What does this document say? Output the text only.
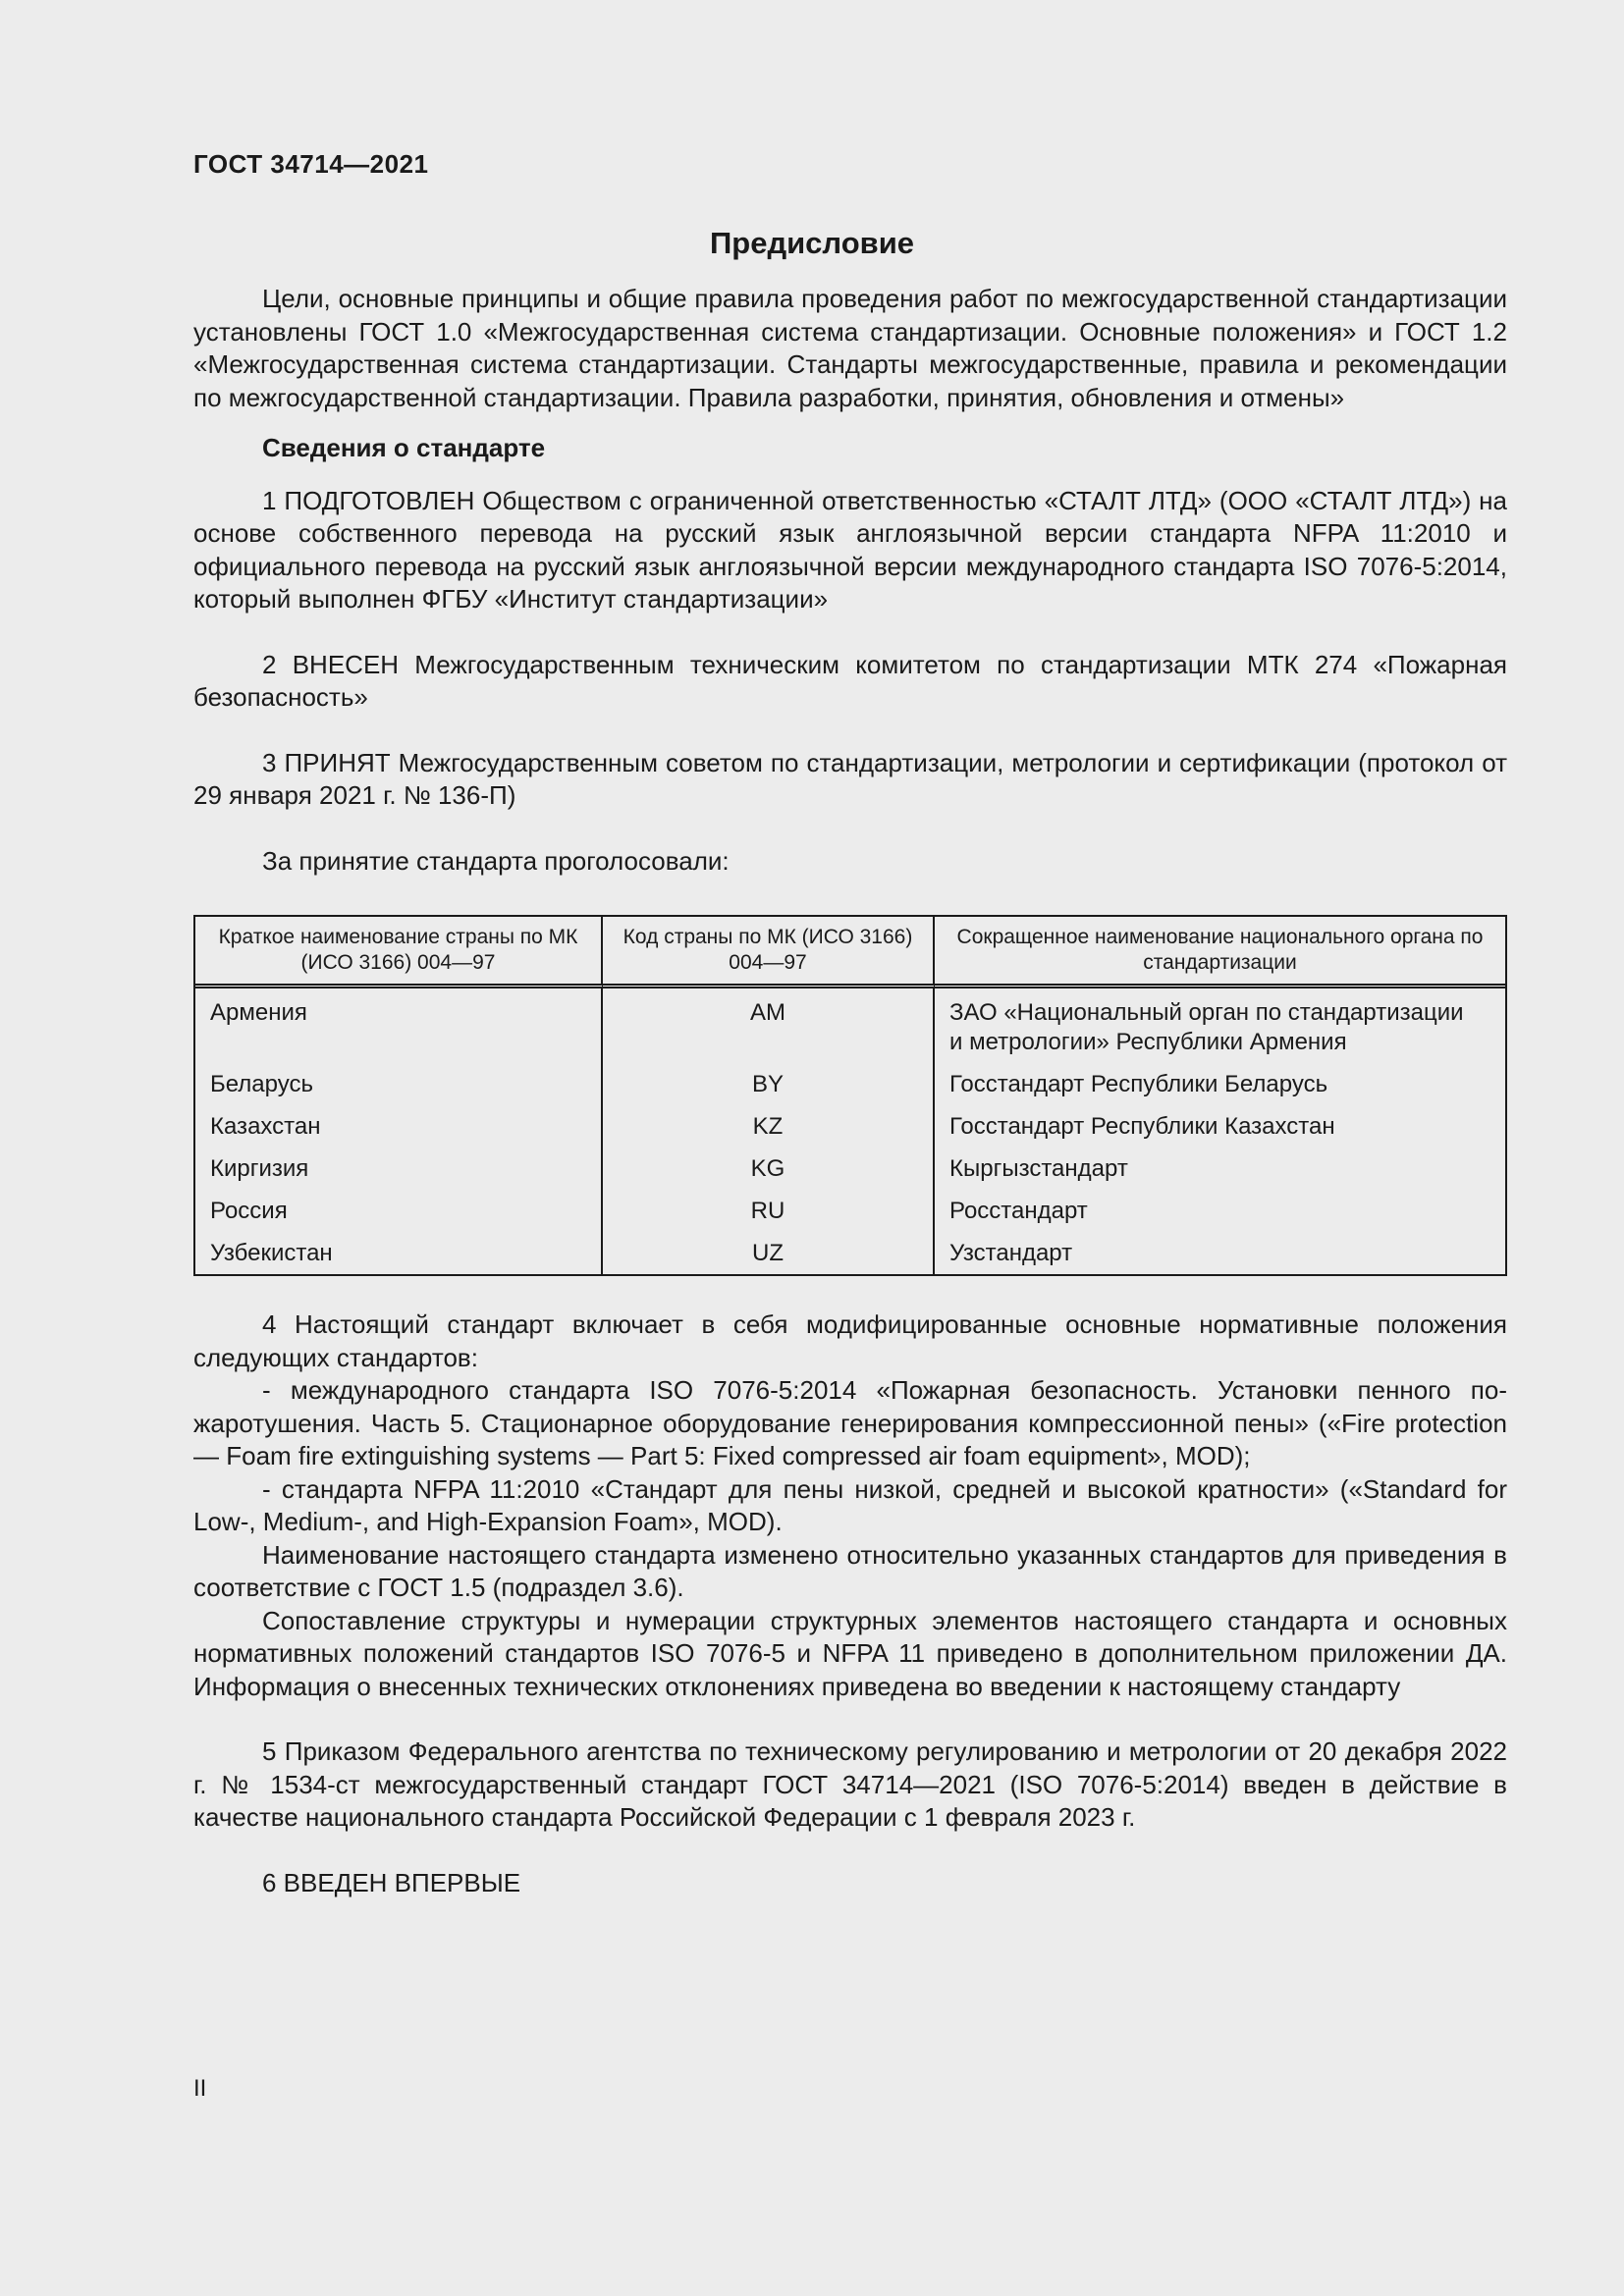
ГОСТ 34714—2021
Предисловие

Цели, основные принципы и общие правила проведения работ по межгосударственной стандартизации установлены ГОСТ 1.0 «Межгосударственная система стандартизации. Основные положения» и ГОСТ 1.2 «Межгосударственная система стандартизации. Стандарты межгосударственные, правила и рекомендации по межгосударственной стандартизации. Правила разработки, принятия, обновления и отмены»

Сведения о стандарте

1 ПОДГОТОВЛЕН Обществом с ограниченной ответственностью «СТАЛТ ЛТД» (ООО «СТАЛТ ЛТД») на основе собственного перевода на русский язык англоязычной версии стандарта NFPA 11:2010 и официального перевода на русский язык англоязычной версии международного стандарта ISO 7076-5:2014, который выполнен ФГБУ «Институт стандартизации»

2 ВНЕСЕН Межгосударственным техническим комитетом по стандартизации МТК 274 «Пожарная безопасность»

3 ПРИНЯТ Межгосударственным советом по стандартизации, метрологии и сертификации (протокол от 29 января 2021 г. № 136-П)

За принятие стандарта проголосовали:

Краткое наименование страны по МК (ИСО 3166) 004—97	Код страны по МК (ИСО 3166) 004—97	Сокращенное наименование национального органа по стандартизации
Армения	AM	ЗАО «Национальный орган по стандартизации
и метрологии» Республики Армения

Беларусь	BY	Госстандарт Республики Беларусь
Казахстан	KZ	Госстандарт Республики Казахстан
Киргизия	KG	Кыргызстандарт
Россия	RU	Росстандарт
Узбекистан	UZ	Узстандарт

4 Настоящий стандарт включает в себя модифицированные основные нормативные положения следующих стандартов:

- международного стандарта ISO 7076-5:2014 «Пожарная безопасность. Установки пенного пожаротушения. Часть 5. Стационарное оборудование генерирования компрессионной пены» («Fire protection — Foam fire extinguishing systems — Part 5: Fixed compressed air foam equipment», MOD);

- стандарта NFPA 11:2010 «Стандарт для пены низкой, средней и высокой кратности» («Standard for Low-, Medium-, and High-Expansion Foam», MOD).

Наименование настоящего стандарта изменено относительно указанных стандартов для приведения в соответствие с ГОСТ 1.5 (подраздел 3.6).

Сопоставление структуры и нумерации структурных элементов настоящего стандарта и основных нормативных положений стандартов ISO 7076-5 и NFPA 11 приведено в дополнительном приложении ДА. Информация о внесенных технических отклонениях приведена во введении к настоящему стандарту

5 Приказом Федерального агентства по техническому регулированию и метрологии от 20 декабря 2022 г. № 1534-ст межгосударственный стандарт ГОСТ 34714—2021 (ISO 7076-5:2014) введен в действие в качестве национального стандарта Российской Федерации с 1 февраля 2023 г.

6 ВВЕДЕН ВПЕРВЫЕ

II
